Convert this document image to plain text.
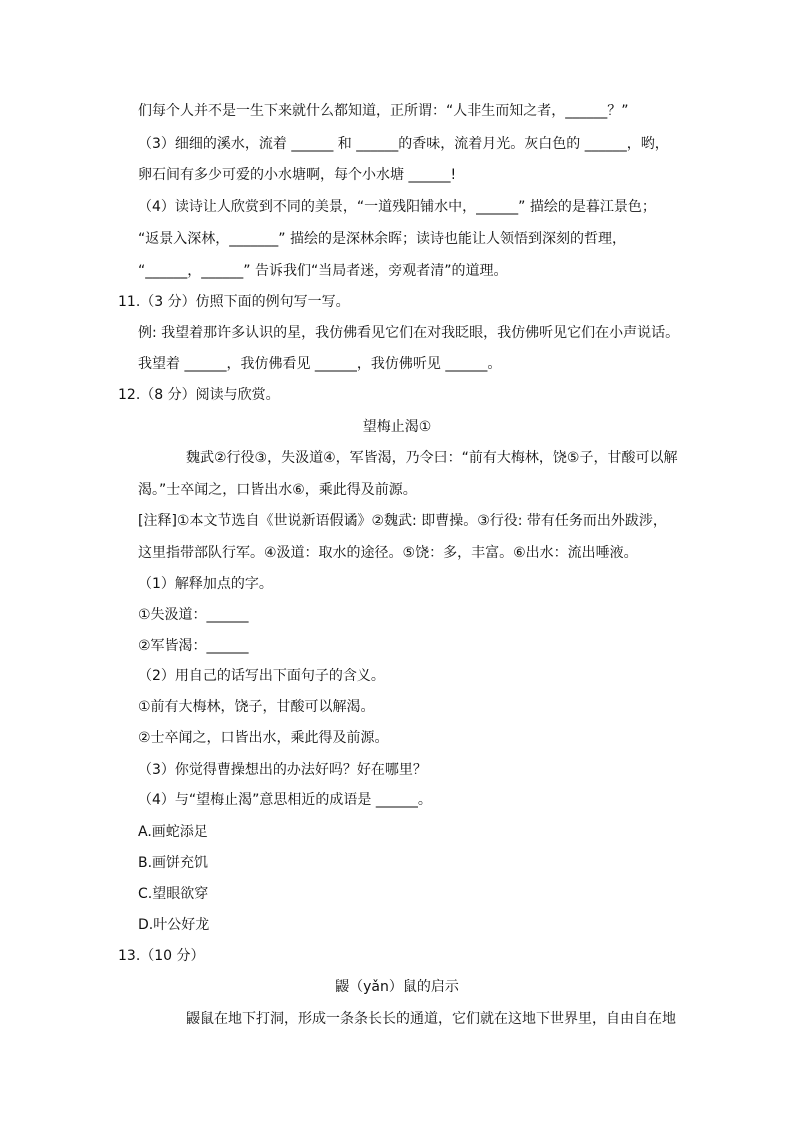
们每个人并不是一生下来就什么都知道，正所谓：“人非生而知之者，______？”
（3）细细的溪水，流着 ______ 和 ______的香味，流着月光。灰白色的 ______，哟，
卵石间有多少可爱的小水塘啊，每个小水塘 ______!
（4）读诗让人欣赏到不同的美景，“一道残阳铺水中，______” 描绘的是暮江景色；
“返景入深林，_______” 描绘的是深林余晖；读诗也能让人领悟到深刻的哲理，
“______，______” 告诉我们“当局者迷，旁观者清”的道理。
11.（3 分）仿照下面的例句写一写。
例: 我望着那许多认识的星，我仿佛看见它们在对我眨眼，我仿佛听见它们在小声说话。
我望着 ______，我仿佛看见 ______，我仿佛听见 ______。
12.（8 分）阅读与欣赏。
望梅止渴①
魏武②行役③，失汲道④，军皆渴，乃令曰：“前有大梅林，饶⑤子，甘酸可以解
渴。”士卒闻之，口皆出水⑥，乘此得及前源。
[注释]①本文节选自《世说新语假谲》②魏武: 即曹操。③行役: 带有任务而出外跋涉，
这里指带部队行军。④汲道：取水的途径。⑤饶：多，丰富。⑥出水：流出唾液。
（1）解释加点的字。
①失汲道：______
②军皆渴：______
（2）用自己的话写出下面句子的含义。
①前有大梅林，饶子，甘酸可以解渴。
②士卒闻之，口皆出水，乘此得及前源。
（3）你觉得曹操想出的办法好吗？好在哪里？
（4）与“望梅止渴”意思相近的成语是 ______。
A.画蛇添足
B.画饼充饥
C.望眼欲穿
D.叶公好龙
13.（10 分）
鼹（yǎn）鼠的启示
鼹鼠在地下打洞，形成一条条长长的通道，它们就在这地下世界里，自由自在地
